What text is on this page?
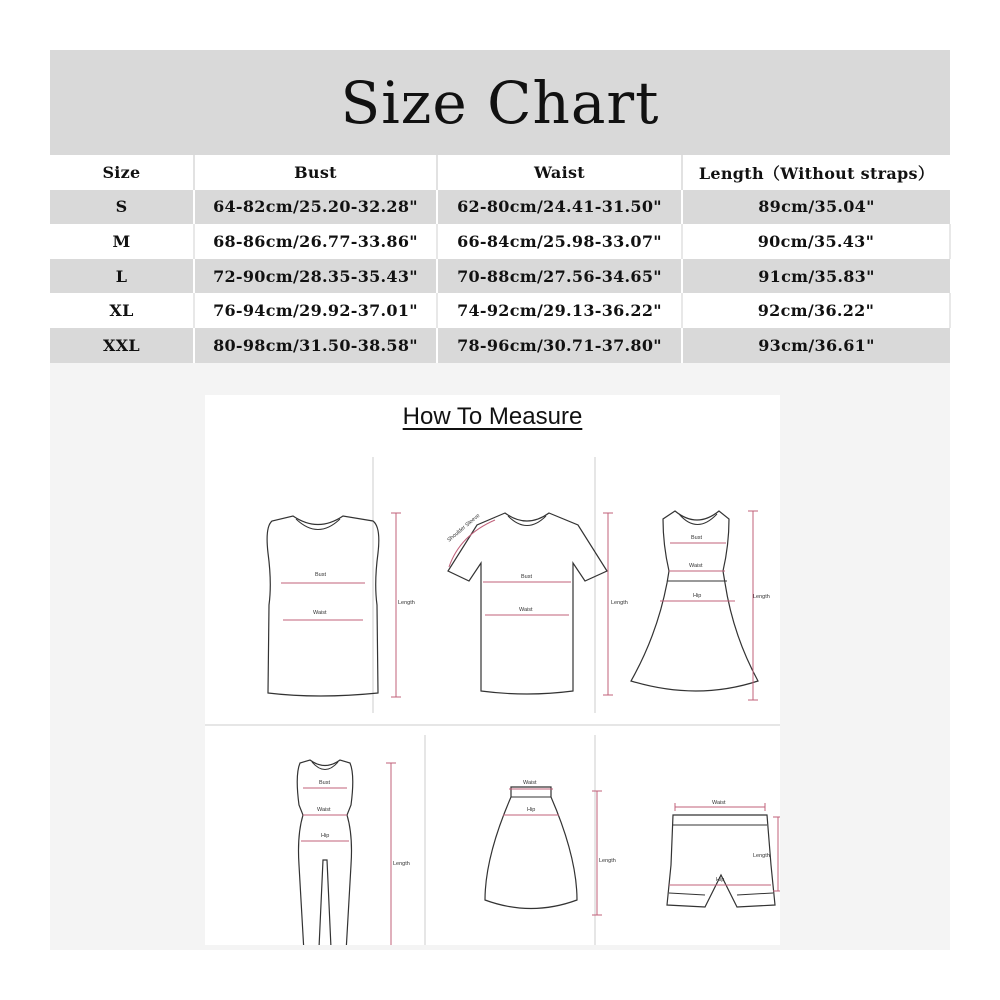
Size Chart
Size	Bust	Waist	Length（Without straps）
S	64-82cm/25.20-32.28"	62-80cm/24.41-31.50"	89cm/35.04"
M	68-86cm/26.77-33.86"	66-84cm/25.98-33.07"	90cm/35.43"
L	72-90cm/28.35-35.43"	70-88cm/27.56-34.65"	91cm/35.83"
XL	76-94cm/29.92-37.01"	74-92cm/29.13-36.22"	92cm/36.22"
XXL	80-98cm/31.50-38.58"	78-96cm/30.71-37.80"	93cm/36.61"
How To Measure
Bust
Waist
Length
Shoulder Sleeve
Bust
Waist
Length
Bust
Waist
Hip	Length
Bust
Waist
Hip
Length
Waist
Hip
Length
Waist
Hip
Length
